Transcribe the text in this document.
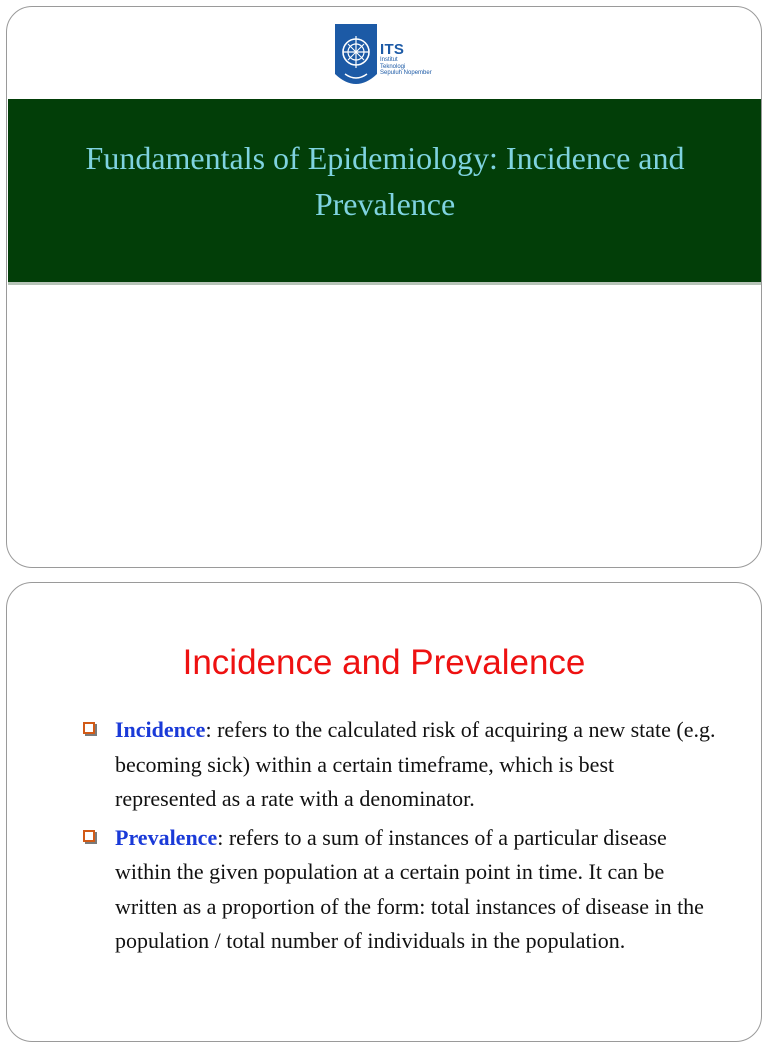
ITS
Institut
Teknologi
Sepuluh Nopember
Fundamentals of Epidemiology: Incidence and Prevalence
Incidence and Prevalence
Incidence: refers to the calculated risk of acquiring a new state (e.g. becoming sick) within a certain timeframe, which is best represented as a rate with a denominator.
Prevalence: refers to a sum of instances of a particular disease within the given population at a certain point in time. It can be written as a proportion of the form: total instances of disease in the population / total number of individuals in the population.
